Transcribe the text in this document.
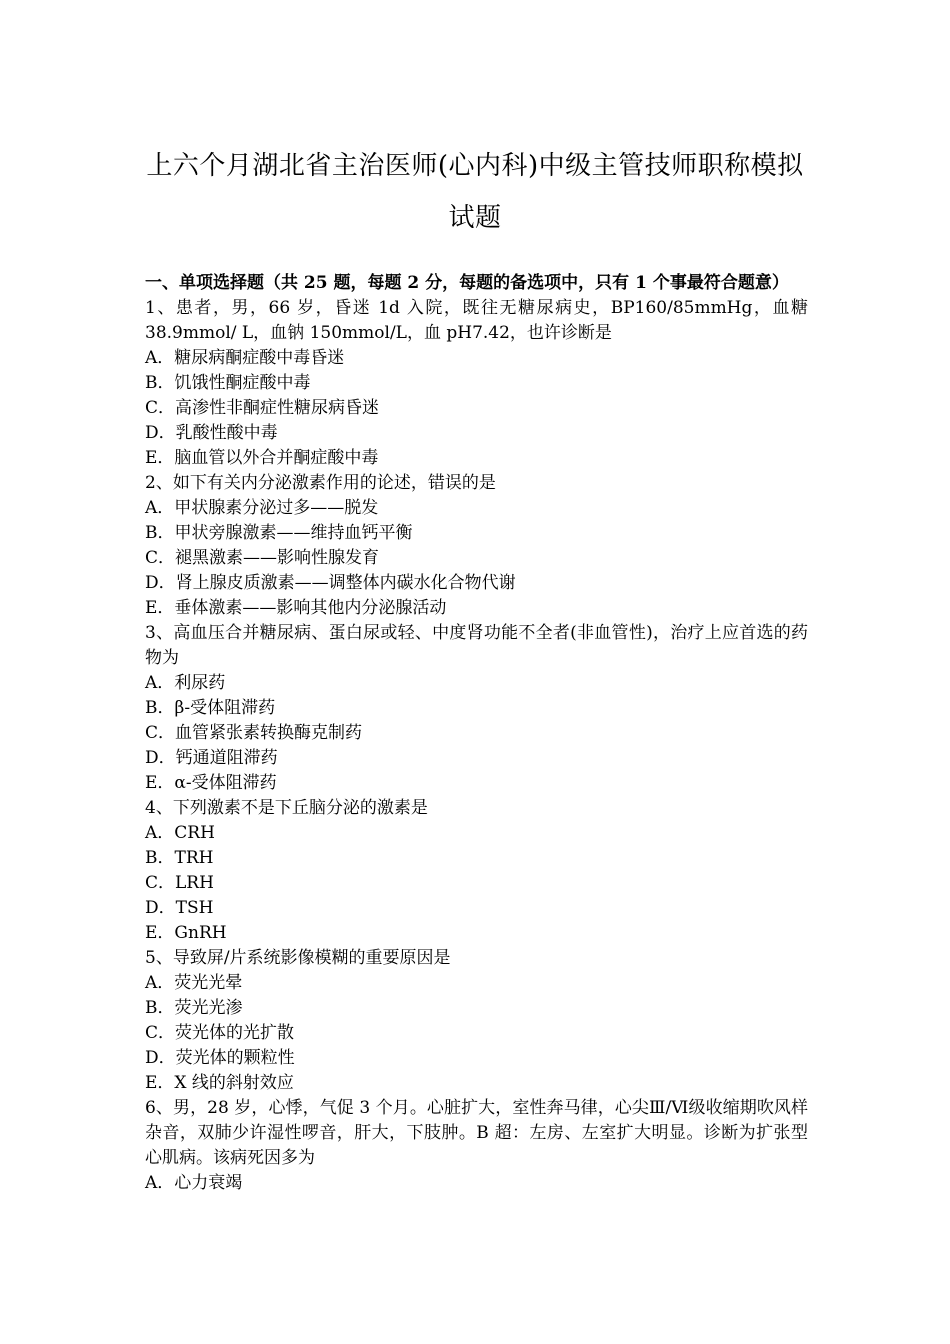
上六个月湖北省主治医师(心内科)中级主管技师职称模拟试题
一、单项选择题（共 25 题，每题 2 分，每题的备选项中，只有 1 个事最符合题意）
1、患者，男，66 岁，昏迷 1d 入院，既往无糖尿病史，BP160/85mmHg，血糖 38.9mmol/ L，血钠 150mmol/L，血 pH7.42，也许诊断是
A．糖尿病酮症酸中毒昏迷
B．饥饿性酮症酸中毒
C．高渗性非酮症性糖尿病昏迷
D．乳酸性酸中毒
E．脑血管以外合并酮症酸中毒
2、如下有关内分泌激素作用的论述，错误的是
A．甲状腺素分泌过多——脱发
B．甲状旁腺激素——维持血钙平衡
C．褪黑激素——影响性腺发育
D．肾上腺皮质激素——调整体内碳水化合物代谢
E．垂体激素——影响其他内分泌腺活动
3、高血压合并糖尿病、蛋白尿或轻、中度肾功能不全者(非血管性)，治疗上应首选的药物为
A．利尿药
B．β-受体阻滞药
C．血管紧张素转换酶克制药
D．钙通道阻滞药
E．α-受体阻滞药
4、下列激素不是下丘脑分泌的激素是
A．CRH
B．TRH
C．LRH
D．TSH
E．GnRH
5、导致屏/片系统影像模糊的重要原因是
A．荧光光晕
B．荧光光渗
C．荧光体的光扩散
D．荧光体的颗粒性
E．X 线的斜射效应
6、男，28 岁，心悸，气促 3 个月。心脏扩大，室性奔马律，心尖Ⅲ/Ⅵ级收缩期吹风样杂音，双肺少许湿性啰音，肝大，下肢肿。B 超：左房、左室扩大明显。诊断为扩张型心肌病。该病死因多为
A．心力衰竭
